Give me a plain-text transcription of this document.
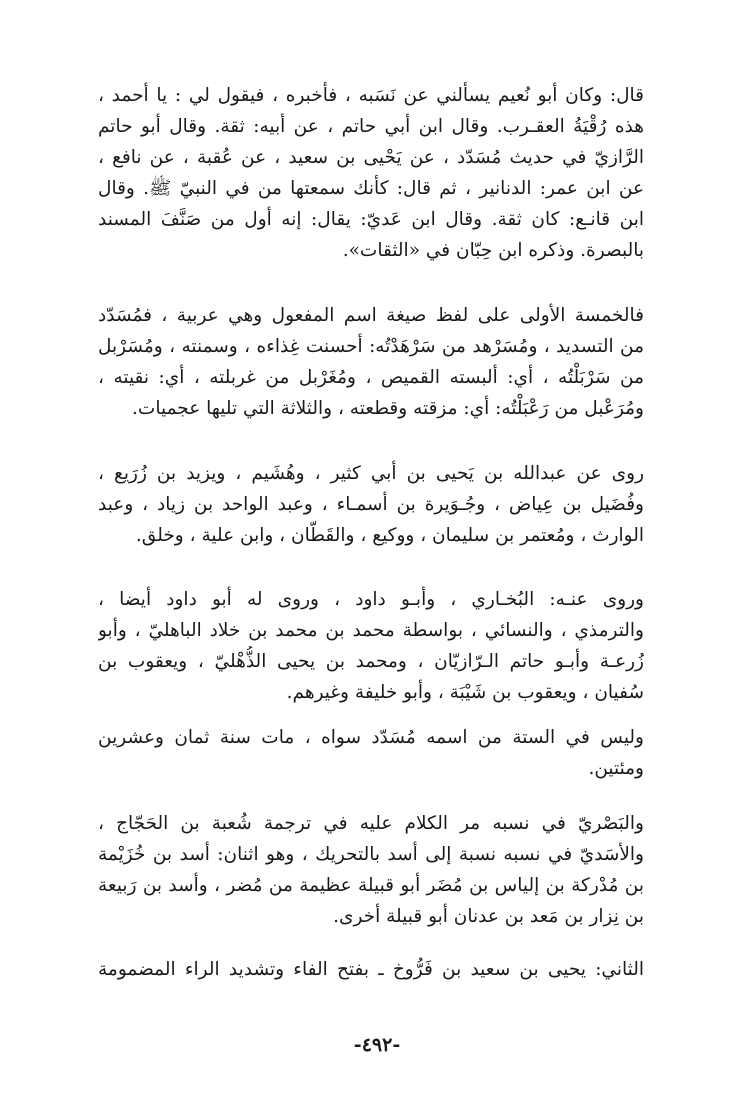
قال: وكان أبو نُعيم يسألني عن نَسَبه ، فأخبره ، فيقول لي : يا أحمد ،
هذه رُقْيَةُ العقـرب. وقال ابن أبي حاتم ، عن أبيه: ثقة. وقال أبو حاتم
الرَّازيّ في حديث مُسَدّد ، عن يَحْيى بن سعيد ، عن عُقبة ، عن نافع ،
عن ابن عمر: الدنانير ، ثم قال: كأنك سمعتها من في النبيّ ﷺ. وقال
ابن قانـع: كان ثقة. وقال ابن عَديّ: يقال: إنه أول من صَنَّفَ المسند
بالبصرة. وذكره ابن حِبّان في «الثقات».
فالخمسة الأولى على لفظ صيغة اسم المفعول وهي عربية ، فمُسَدّد
من التسديد ، ومُسَرْهد من سَرْهَدْتُه: أحسنت غِذاءه ، وسمنته ، ومُسَرْبل
من سَرْبَلْتُه ، أي: ألبسته القميص ، ومُغَرْبل من غربلته ، أي: نقيته ،
ومُرَعْبل من رَعْبَلْتُه: أي: مزقته وقطعته ، والثلاثة التي تليها عجميات.
روى عن عبدالله بن يَحيى بن أبي كثير ، وهُشَيم ، ويزيد بن زُرَيع ،
وفُضَيل بن عِياض ، وجُـوَيرة بن أسمـاء ، وعبد الواحد بن زياد ، وعبد
الوارث ، ومُعتمر بن سليمان ، ووكيع ، والقَطّان ، وابن علية ، وخلق.
وروى عنـه: البُخـاري ، وأبـو داود ، وروى له أبو داود أيضا ،
والترمذي ، والنسائي ، بواسطة محمد بن محمد بن خلاد الباهليّ ، وأبو
زُرعـة وأبـو حاتم الـرّازيّان ، ومحمد بن يحيى الذُّهْليّ ، ويعقوب بن
سُفيان ، ويعقوب بن شَيْبَة ، وأبو خليفة وغيرهم.
وليس في الستة من اسمه مُسَدّد سواه ، مات سنة ثمان وعشرين
ومئتين.
والبَصْريّ في نسبه مر الكلام عليه في ترجمة شُعبة بن الحَجّاج ،
والأسَديّ في نسبه نسبة إلى أسد بالتحريك ، وهو اثنان: أسد بن خُزَيْمة
بن مُدْركة بن إلياس بن مُضَر أبو قبيلة عظيمة من مُضر ، وأسد بن رَبيعة
بن نِزار بن مَعد بن عدنان أبو قبيلة أخرى.
الثاني: يحيى بن سعيد بن فَرُّوخ ـ بفتح الفاء وتشديد الراء المضمومة
-٤٩٢-
